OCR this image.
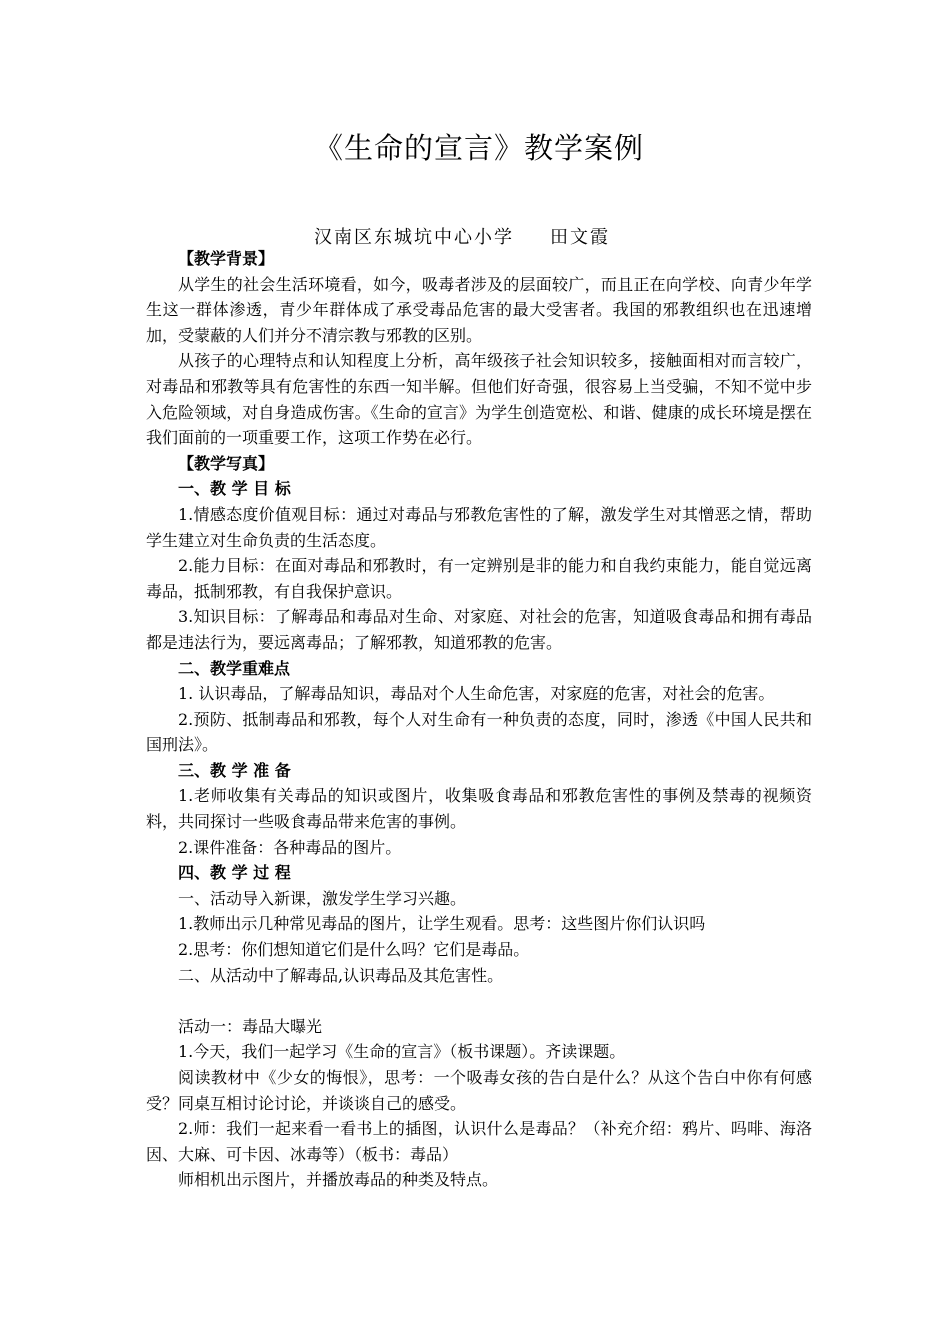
《生命的宣言》教学案例
汉南区东城坑中心小学 田文霞

【教学背景】

从学生的社会生活环境看，如今，吸毒者涉及的层面较广，而且正在向学校、向青少年学生这一群体渗透，青少年群体成了承受毒品危害的最大受害者。我国的邪教组织也在迅速增加，受蒙蔽的人们并分不清宗教与邪教的区别。

从孩子的心理特点和认知程度上分析，高年级孩子社会知识较多，接触面相对而言较广，对毒品和邪教等具有危害性的东西一知半解。但他们好奇强，很容易上当受骗，不知不觉中步入危险领域，对自身造成伤害。《生命的宣言》为学生创造宽松、和谐、健康的成长环境是摆在我们面前的一项重要工作，这项工作势在必行。

【教学写真】

一、教 学 目 标

1.情感态度价值观目标：通过对毒品与邪教危害性的了解，激发学生对其憎恶之情，帮助学生建立对生命负责的生活态度。

2.能力目标：在面对毒品和邪教时，有一定辨别是非的能力和自我约束能力，能自觉远离毒品，抵制邪教，有自我保护意识。

3.知识目标：了解毒品和毒品对生命、对家庭、对社会的危害，知道吸食毒品和拥有毒品都是违法行为，要远离毒品；了解邪教，知道邪教的危害。

二、教学重难点

1. 认识毒品，了解毒品知识，毒品对个人生命危害，对家庭的危害，对社会的危害。

2.预防、抵制毒品和邪教，每个人对生命有一种负责的态度，同时，渗透《中国人民共和国刑法》。

三、教 学 准 备

1.老师收集有关毒品的知识或图片，收集吸食毒品和邪教危害性的事例及禁毒的视频资料，共同探讨一些吸食毒品带来危害的事例。

2.课件准备：各种毒品的图片。

四、教 学 过 程

一、活动导入新课，激发学生学习兴趣。

1.教师出示几种常见毒品的图片，让学生观看。思考：这些图片你们认识吗

2.思考：你们想知道它们是什么吗？它们是毒品。

二、从活动中了解毒品,认识毒品及其危害性。

活动一：毒品大曝光

1.今天，我们一起学习《生命的宣言》（板书课题）。齐读课题。

阅读教材中《少女的悔恨》，思考：一个吸毒女孩的告白是什么？从这个告白中你有何感受？同桌互相讨论讨论，并谈谈自己的感受。

2.师：我们一起来看一看书上的插图，认识什么是毒品？（补充介绍：鸦片、吗啡、海洛因、大麻、可卡因、冰毒等）（板书：毒品）

师相机出示图片，并播放毒品的种类及特点。
